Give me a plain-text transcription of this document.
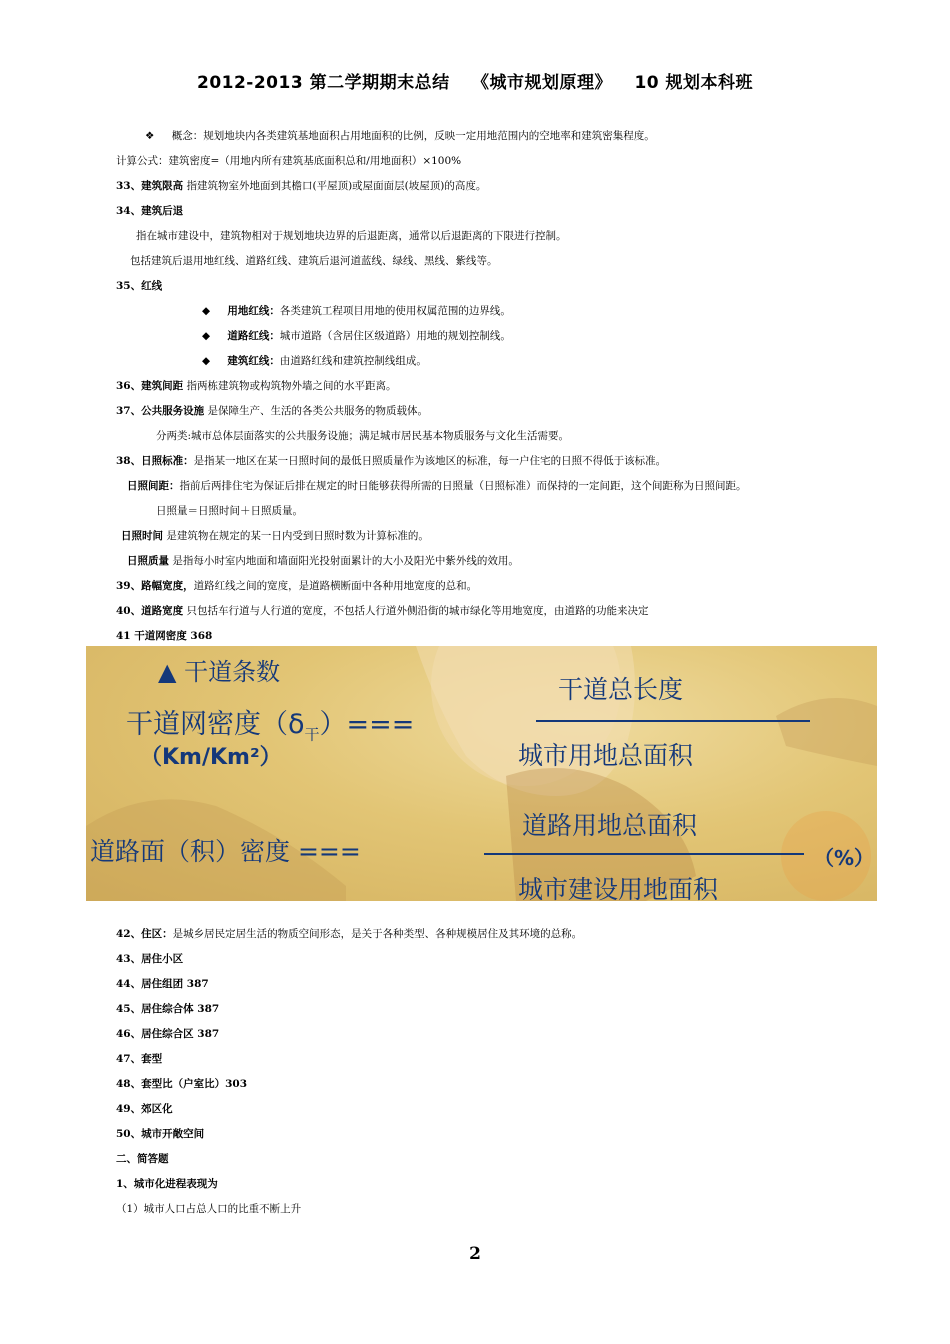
2012-2013 第二学期期末总结 《城市规划原理》 10 规划本科班
❖ 概念：规划地块内各类建筑基地面积占用地面积的比例，反映一定用地范围内的空地率和建筑密集程度。
计算公式：建筑密度=（用地内所有建筑基底面积总和/用地面积）×100%
33、建筑限高 指建筑物室外地面到其檐口(平屋顶)或屋面面层(坡屋顶)的高度。
34、建筑后退
指在城市建设中，建筑物相对于规划地块边界的后退距离，通常以后退距离的下限进行控制。
包括建筑后退用地红线、道路红线、建筑后退河道蓝线、绿线、黑线、紫线等。
35、红线
◆ 用地红线：各类建筑工程项目用地的使用权属范围的边界线。
◆ 道路红线：城市道路（含居住区级道路）用地的规划控制线。
◆ 建筑红线：由道路红线和建筑控制线组成。
36、建筑间距 指两栋建筑物或构筑物外墙之间的水平距离。
37、公共服务设施 是保障生产、生活的各类公共服务的物质载体。
分两类:城市总体层面落实的公共服务设施；满足城市居民基本物质服务与文化生活需要。
38、日照标准：是指某一地区在某一日照时间的最低日照质量作为该地区的标准，每一户住宅的日照不得低于该标准。
日照间距：指前后两排住宅为保证后排在规定的时日能够获得所需的日照量（日照标准）而保持的一定间距，这个间距称为日照间距。
日照量＝日照时间＋日照质量。
日照时间 是建筑物在规定的某一日内受到日照时数为计算标准的。
日照质量 是指每小时室内地面和墙面阳光投射面累计的大小及阳光中紫外线的效用。
39、路幅宽度，道路红线之间的宽度，是道路横断面中各种用地宽度的总和。
40、道路宽度 只包括车行道与人行道的宽度，不包括人行道外侧沿街的城市绿化等用地宽度，由道路的功能来决定
41 干道网密度 368
▲ 干道条数
干道网密度$(\delta_干)===$
（Km/Km²）
干道总长度
城市用地总面积
道路面（积）密度 ===
道路用地总面积
城市建设用地面积
（%）
42、住区：是城乡居民定居生活的物质空间形态，是关于各种类型、各种规模居住及其环境的总称。
43、居住小区
44、居住组团 387
45、居住综合体 387
46、居住综合区 387
47、套型
48、套型比（户室比）303
49、郊区化
50、城市开敞空间
二、简答题
1、城市化进程表现为
（1）城市人口占总人口的比重不断上升
2
